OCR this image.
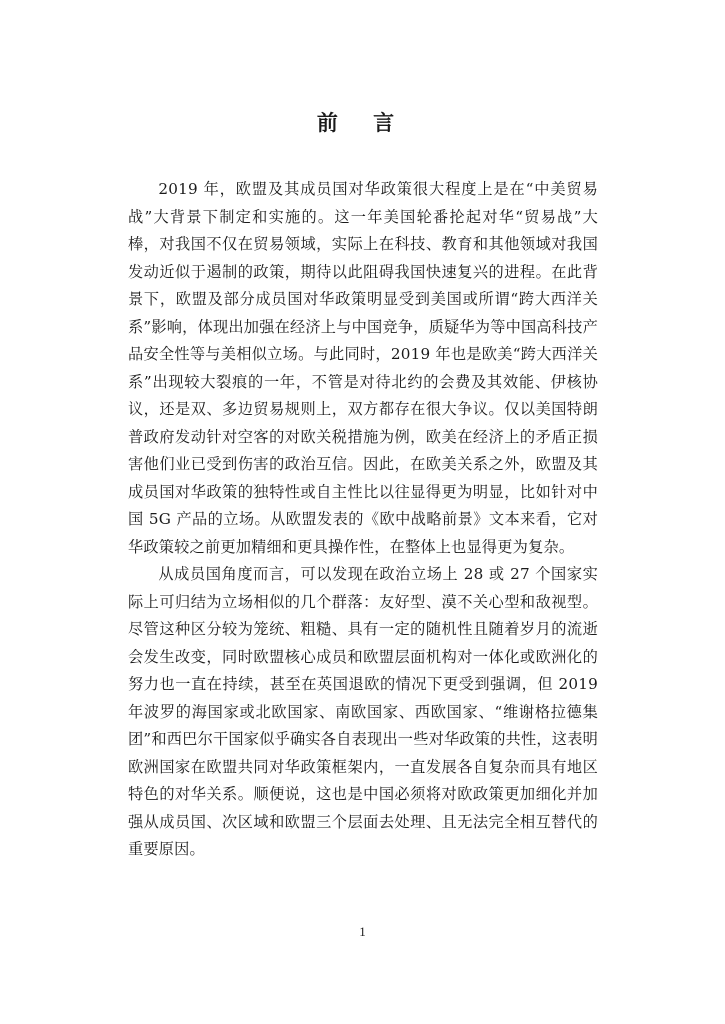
前 言

2019 年，欧盟及其成员国对华政策很大程度上是在“中美贸易战”大背景下制定和实施的。这一年美国轮番抡起对华“贸易战”大棒，对我国不仅在贸易领域，实际上在科技、教育和其他领域对我国发动近似于遏制的政策，期待以此阻碍我国快速复兴的进程。在此背景下，欧盟及部分成员国对华政策明显受到美国或所谓“跨大西洋关系”影响，体现出加强在经济上与中国竞争，质疑华为等中国高科技产品安全性等与美相似立场。与此同时，2019 年也是欧美“跨大西洋关系”出现较大裂痕的一年，不管是对待北约的会费及其效能、伊核协议，还是双、多边贸易规则上，双方都存在很大争议。仅以美国特朗普政府发动针对空客的对欧关税措施为例，欧美在经济上的矛盾正损害他们业已受到伤害的政治互信。因此，在欧美关系之外，欧盟及其成员国对华政策的独特性或自主性比以往显得更为明显，比如针对中国 5G 产品的立场。从欧盟发表的《欧中战略前景》文本来看，它对华政策较之前更加精细和更具操作性，在整体上也显得更为复杂。

从成员国角度而言，可以发现在政治立场上 28 或 27 个国家实际上可归结为立场相似的几个群落：友好型、漠不关心型和敌视型。尽管这种区分较为笼统、粗糙、具有一定的随机性且随着岁月的流逝会发生改变，同时欧盟核心成员和欧盟层面机构对一体化或欧洲化的努力也一直在持续，甚至在英国退欧的情况下更受到强调，但 2019 年波罗的海国家或北欧国家、南欧国家、西欧国家、“维谢格拉德集团”和西巴尔干国家似乎确实各自表现出一些对华政策的共性，这表明欧洲国家在欧盟共同对华政策框架内，一直发展各自复杂而具有地区特色的对华关系。顺便说，这也是中国必须将对欧政策更加细化并加强从成员国、次区域和欧盟三个层面去处理、且无法完全相互替代的重要原因。

1
